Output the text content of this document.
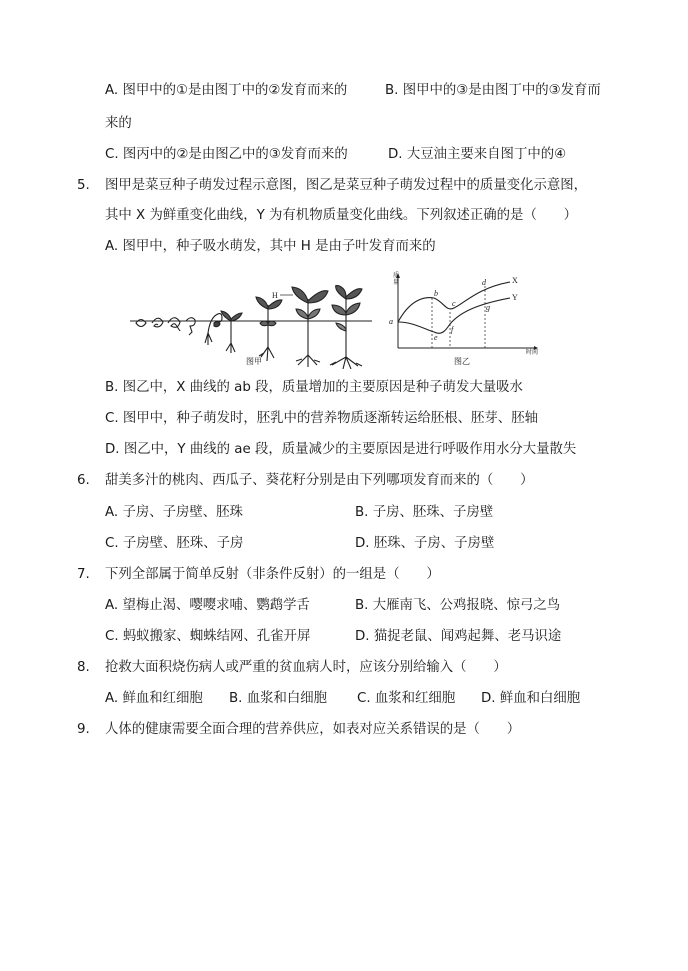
A. 图甲中的①是由图丁中的②发育而来的	B. 图甲中的③是由图丁中的③发育而
来的
C. 图丙中的②是由图乙中的③发育而来的	D. 大豆油主要来自图丁中的④
5. 图甲是菜豆种子萌发过程示意图，图乙是菜豆种子萌发过程中的质量变化示意图，
其中 X 为鲜重变化曲线，Y 为有机物质量变化曲线。下列叙述正确的是（　　）
A. 图甲中，种子吸水萌发，其中 H 是由子叶发育而来的
H
图甲
a
b
c
d
e
f
g
X
Y
质量
时间
图乙
B. 图乙中，X 曲线的 ab 段，质量增加的主要原因是种子萌发大量吸水
C. 图甲中，种子萌发时，胚乳中的营养物质逐渐转运给胚根、胚芽、胚轴
D. 图乙中，Y 曲线的 ae 段，质量减少的主要原因是进行呼吸作用水分大量散失
6. 甜美多汁的桃肉、西瓜子、葵花籽分别是由下列哪项发育而来的（　　）
A. 子房、子房壁、胚珠	B. 子房、胚珠、子房壁
C. 子房壁、胚珠、子房	D. 胚珠、子房、子房壁
7. 下列全部属于简单反射（非条件反射）的一组是（　　）
A. 望梅止渴、嘤嘤求哺、鹦鹉学舌	B. 大雁南飞、公鸡报晓、惊弓之鸟
C. 蚂蚁搬家、蜘蛛结网、孔雀开屏	D. 猫捉老鼠、闻鸡起舞、老马识途
8. 抢救大面积烧伤病人或严重的贫血病人时，应该分别给输入（　　）
A. 鲜血和红细胞 B. 血浆和白细胞 C. 血浆和红细胞 D. 鲜血和白细胞
9. 人体的健康需要全面合理的营养供应，如表对应关系错误的是（　　）
